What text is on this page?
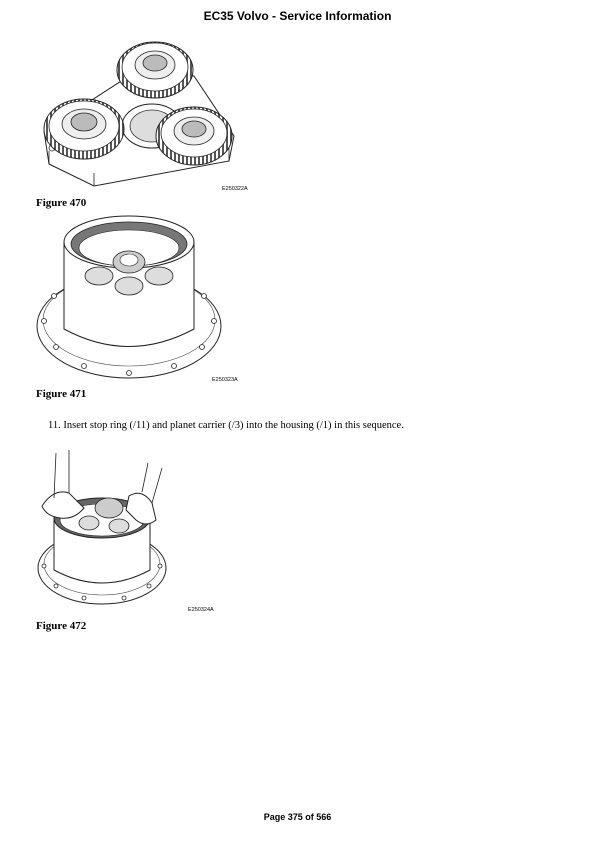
EC35 Volvo - Service Information
E250322A
Figure 470
E250323A
Figure 471
11. Insert stop ring (/11) and planet carrier (/3) into the housing (/1) in this sequence.
E250324A
Figure 472
Page 375 of 566
